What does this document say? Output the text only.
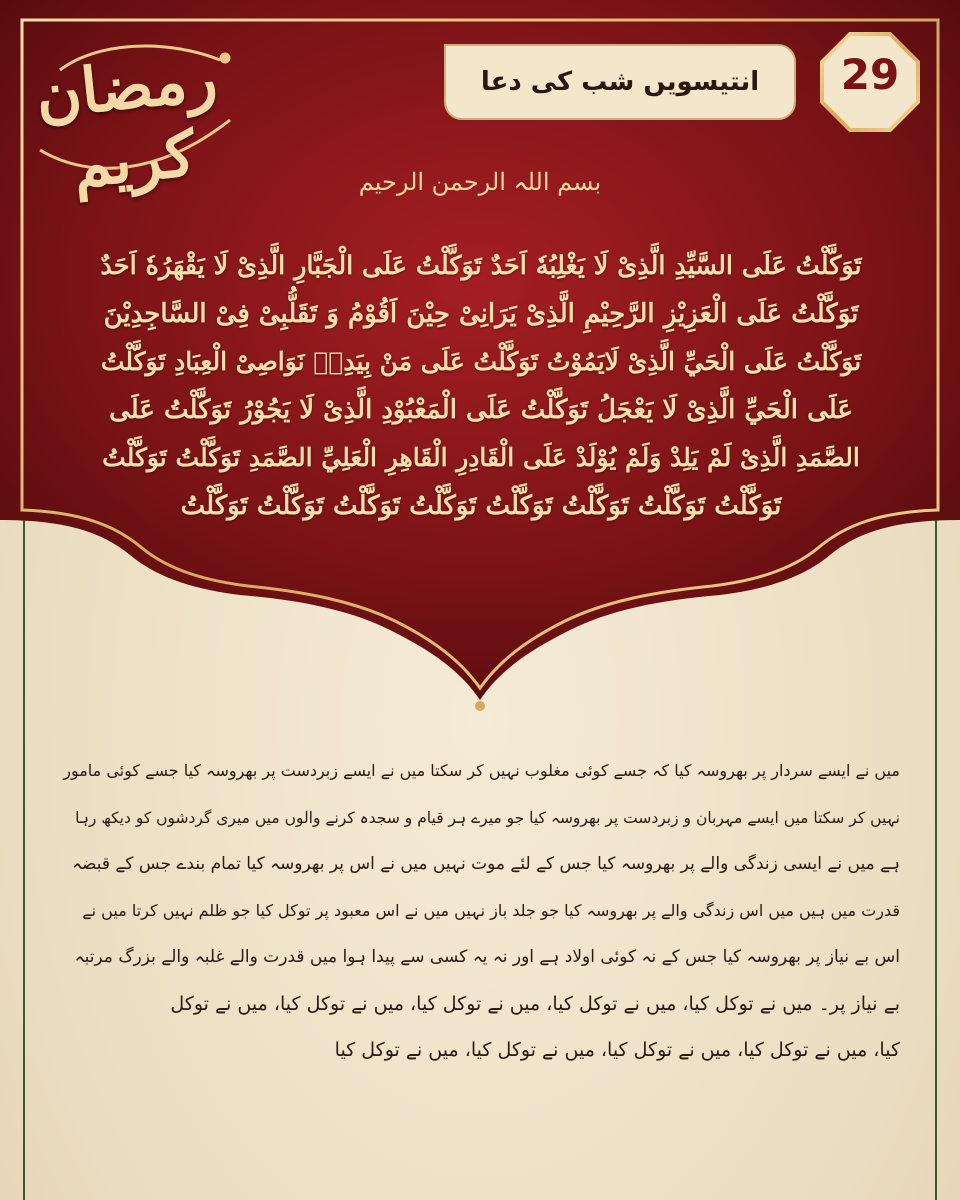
رمضان كريم
انتیسویں شب کی دعا	29
بسم اللہ الرحمن الرحیم
تَوَكَّلْتُ عَلَى السَّيِّدِ الَّذِىْ لَا يَغْلِبُهٗ اَحَدٌ تَوَكَّلْتُ عَلَى الْجَبَّارِ الَّذِىْ لَا يَقْهَرُهٗ اَحَدٌ
تَوَكَّلْتُ عَلَى الْعَزِيْزِ الرَّحِيْمِ الَّذِىْ يَرَانِىْ حِيْنَ اَقُوْمُ وَ تَقَلُّبِىْ فِىْ السَّاجِدِيْنَ
تَوَكَّلْتُ عَلَى الْحَيِّ الَّذِىْ لَايَمُوْتُ تَوَكَّلْتُ عَلَى مَنْ بِيَدِهٖ نَوَاصِىْ الْعِبَادِ تَوَكَّلْتُ
عَلَى الْحَيِّ الَّذِىْ لَا يَعْجَلُ تَوَكَّلْتُ عَلَى الْمَعْبُوْدِ الَّذِىْ لَا يَجُوْرُ تَوَكَّلْتُ عَلَى
الصَّمَدِ الَّذِىْ لَمْ يَلِدْ وَلَمْ يُوْلَدْ عَلَى الْقَادِرِ الْقَاهِرِ الْعَلِيِّ الصَّمَدِ تَوَكَّلْتُ تَوَكَّلْتُ
تَوَكَّلْتُ تَوَكَّلْتُ تَوَكَّلْتُ تَوَكَّلْتُ تَوَكَّلْتُ تَوَكَّلْتُ تَوَكَّلْتُ تَوَكَّلْتُ
میں نے ایسے سردار پر بھروسہ کیا کہ جسے کوئی مغلوب نہیں کر سکتا میں نے ایسے زبردست پر بھروسہ کیا جسے کوئی مامور
نہیں کر سکتا میں ایسے مہربان و زبردست پر بھروسہ کیا جو میرے ہر قیام و سجدہ کرنے والوں میں میری گردشوں کو دیکھ رہا
ہے میں نے ایسی زندگی والے پر بھروسہ کیا جس کے لئے موت نہیں میں نے اس پر بھروسہ کیا تمام بندے جس کے قبضہ
قدرت میں ہیں میں اس زندگی والے پر بھروسہ کیا جو جلد باز نہیں میں نے اس معبود پر توکل کیا جو ظلم نہیں کرتا میں نے
اس بے نیاز پر بھروسہ کیا جس کے نہ کوئی اولاد ہے اور نہ یہ کسی سے پیدا ہوا میں قدرت والے غلبہ والے بزرگ مرتبہ
بے نیاز پر۔ میں نے توکل کیا، میں نے توکل کیا، میں نے توکل کیا، میں نے توکل کیا، میں نے توکل
کیا، میں نے توکل کیا، میں نے توکل کیا، میں نے توکل کیا، میں نے توکل کیا
